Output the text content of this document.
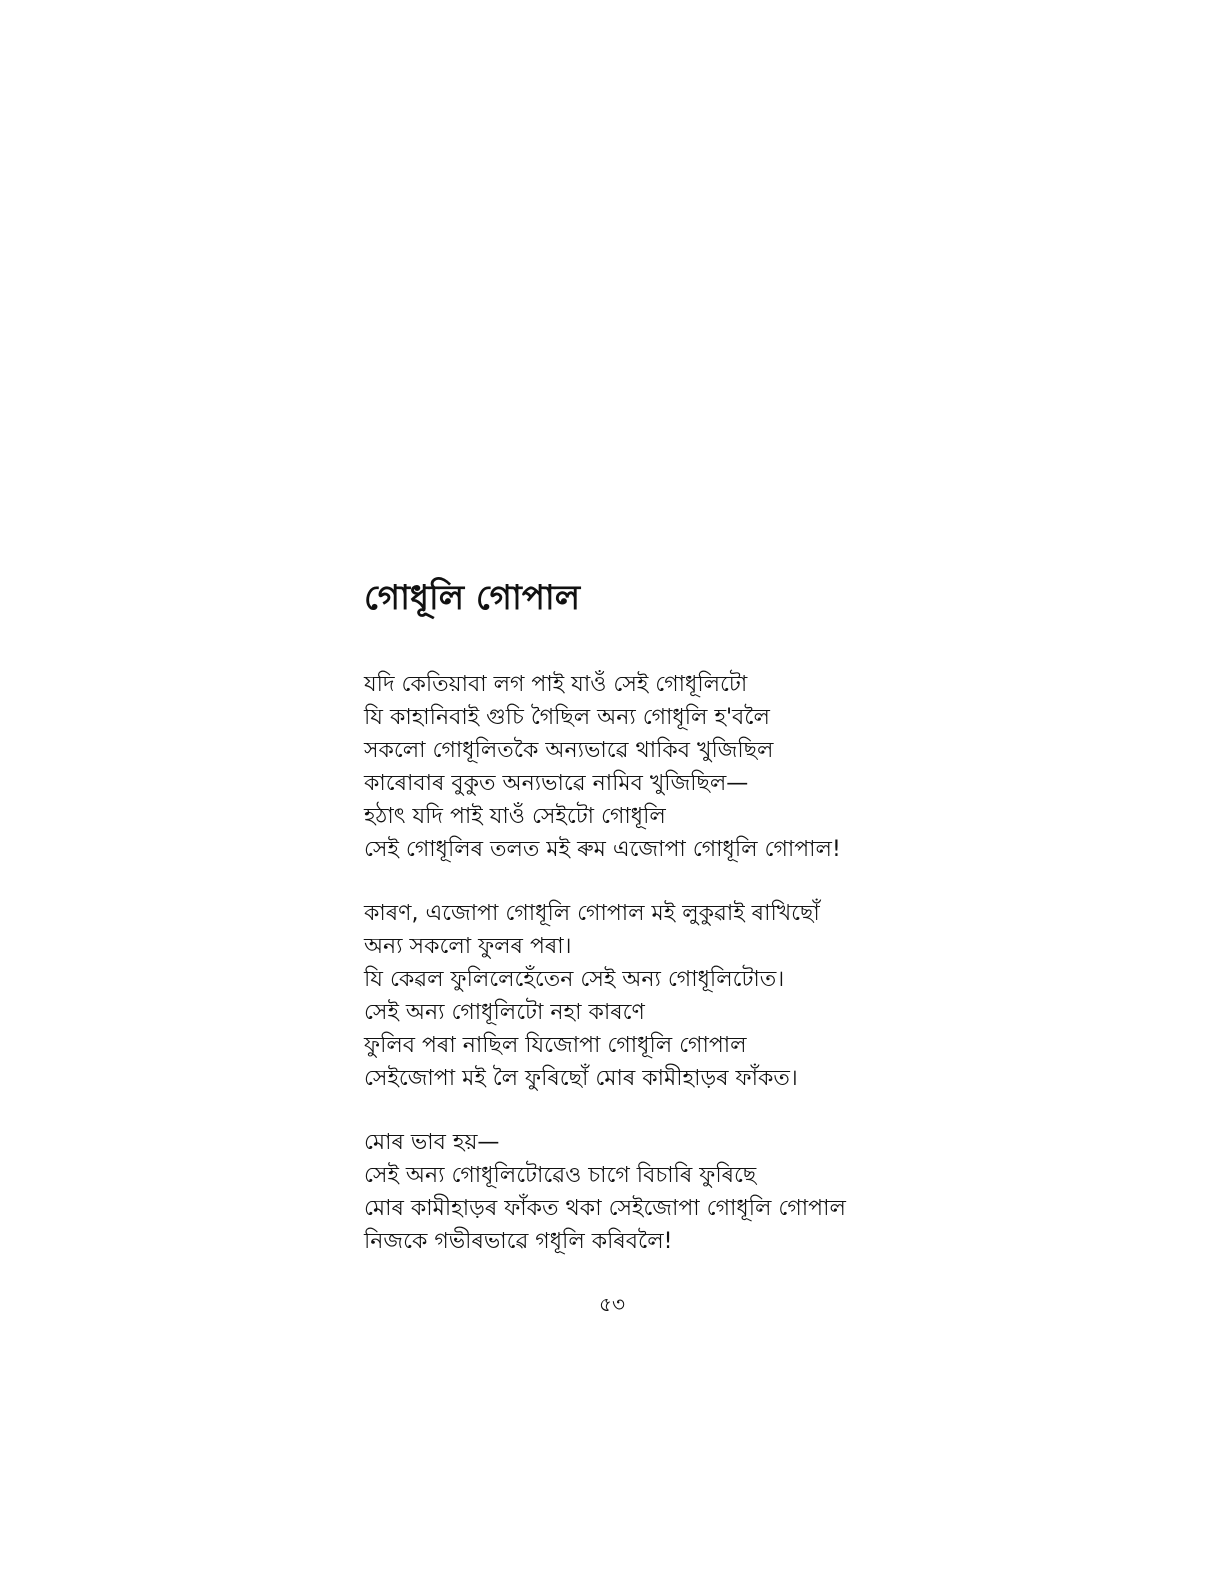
গোধূলি গোপাল
যদি কেতিয়াবা লগ পাই যাওঁ সেই গোধূলিটো
যি কাহানিবাই গুচি গৈছিল অন্য গোধূলি হ'বলৈ
সকলো গোধূলিতকৈ অন্যভাৱে থাকিব খুজিছিল
কাৰোবাৰ বুকুত অন্যভাৱে নামিব খুজিছিল—
হঠাৎ যদি পাই যাওঁ সেইটো গোধূলি
সেই গোধূলিৰ তলত মই ৰুম এজোপা গোধূলি গোপাল!
কাৰণ, এজোপা গোধূলি গোপাল মই লুকুৱাই ৰাখিছোঁ
অন্য সকলো ফুলৰ পৰা।
যি কেৱল ফুলিলেহেঁতেন সেই অন্য গোধূলিটোত।
সেই অন্য গোধূলিটো নহা কাৰণে
ফুলিব পৰা নাছিল যিজোপা গোধূলি গোপাল
সেইজোপা মই লৈ ফুৰিছোঁ মোৰ কামীহাড়ৰ ফাঁকত।
মোৰ ভাব হয়—
সেই অন্য গোধূলিটোৱেও চাগে বিচাৰি ফুৰিছে
মোৰ কামীহাড়ৰ ফাঁকত থকা সেইজোপা গোধূলি গোপাল
নিজকে গভীৰভাৱে গধূলি কৰিবলৈ!
৫৩
